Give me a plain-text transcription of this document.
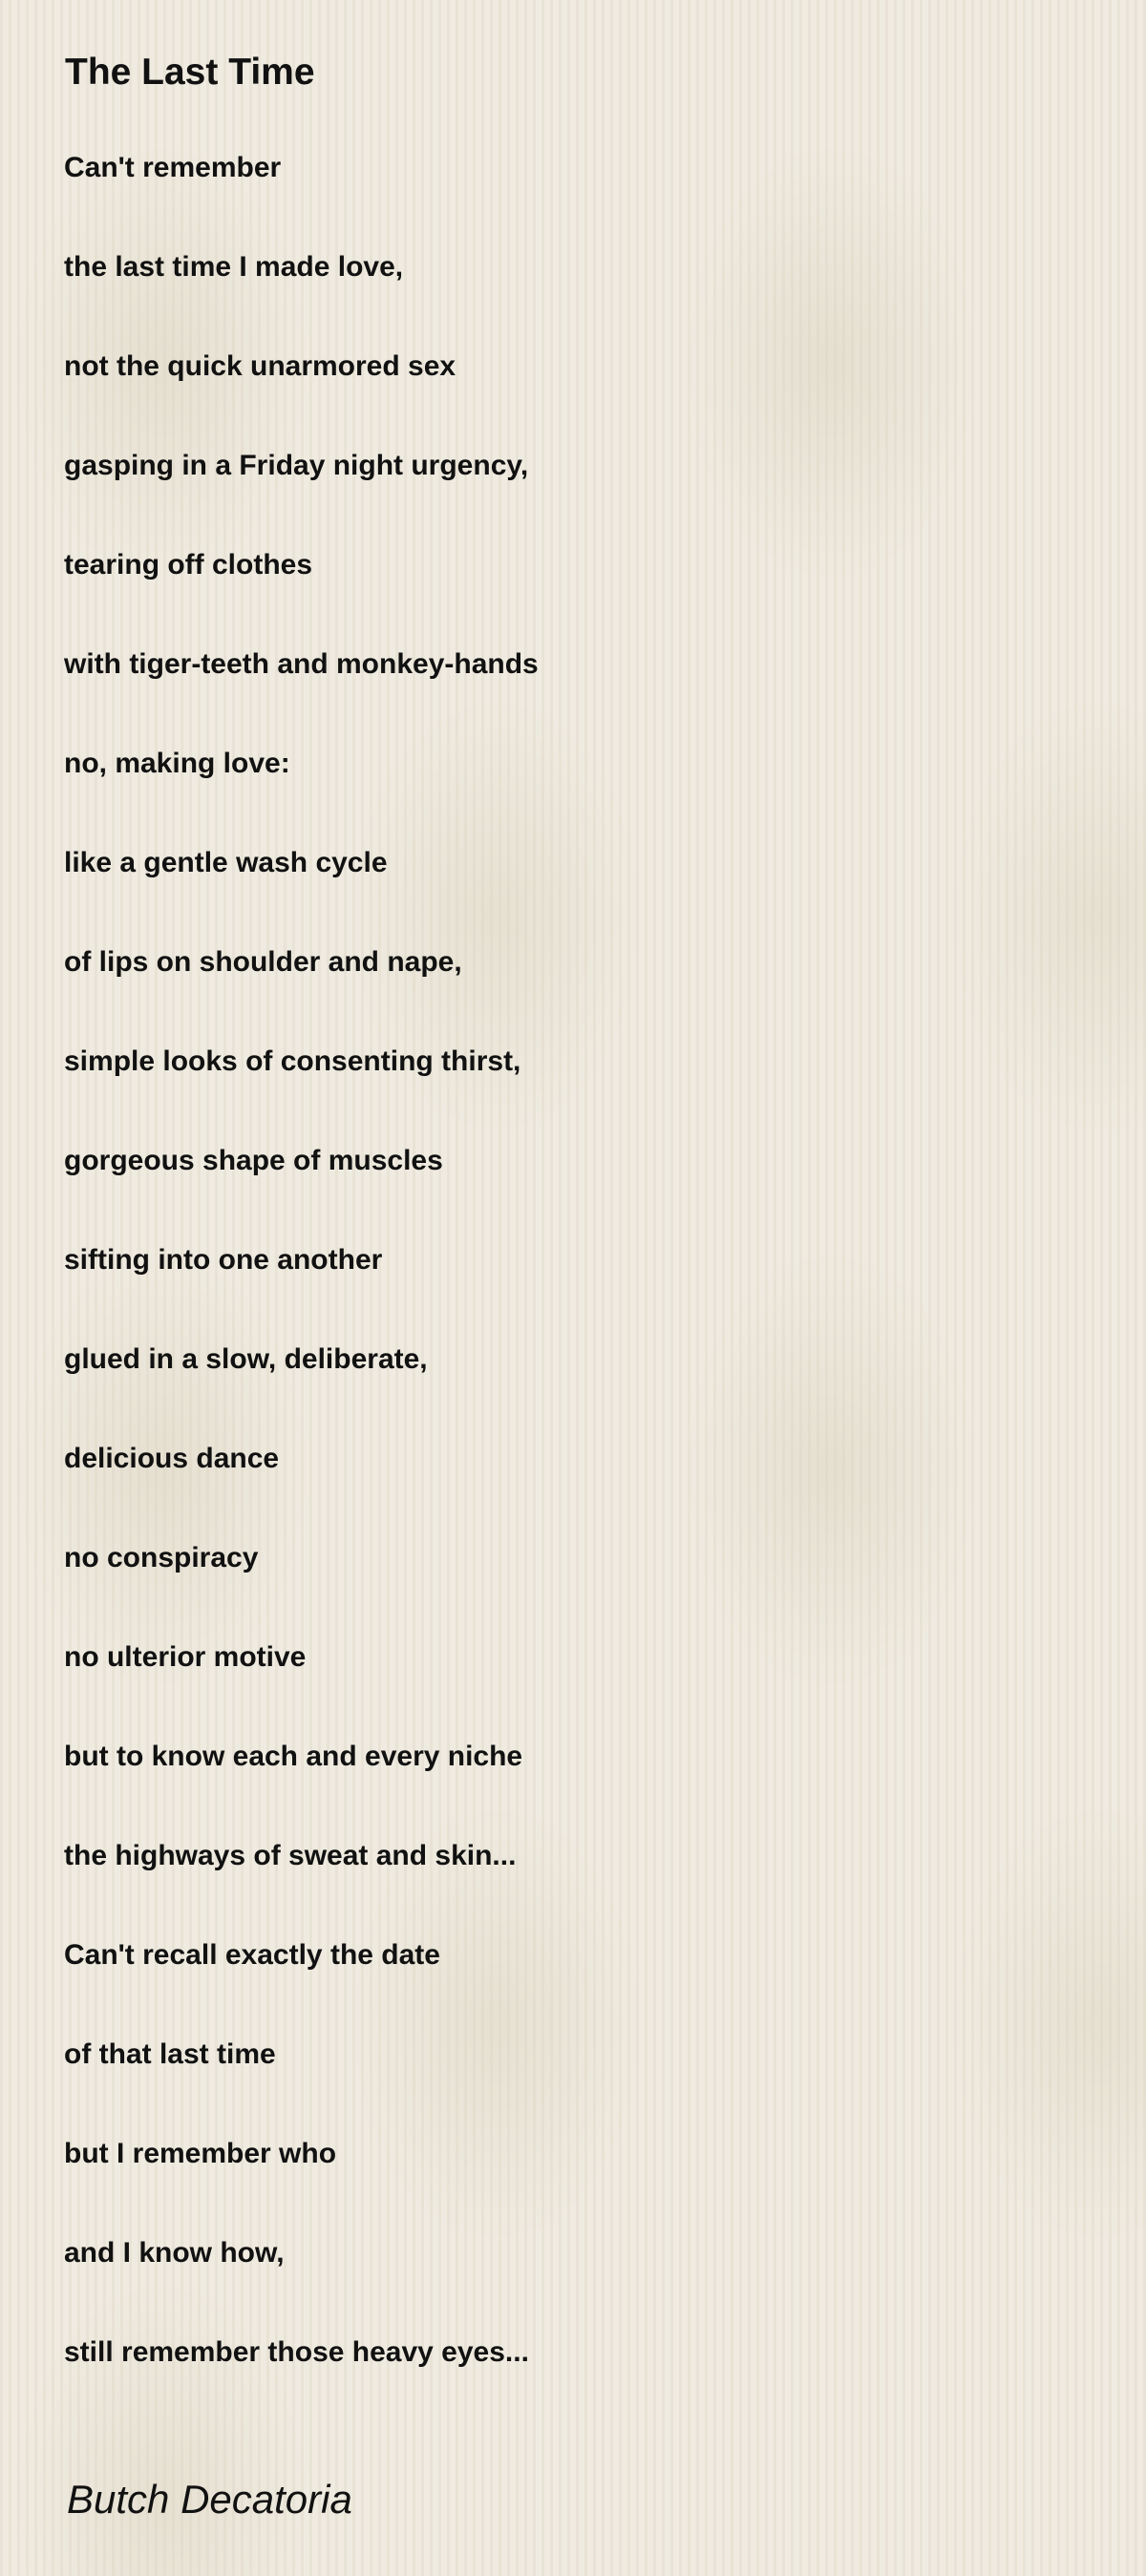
The Last Time
Can't remember
the last time I made love,
not the quick unarmored sex
gasping in a Friday night urgency,
tearing off clothes
with tiger-teeth and monkey-hands
no, making love:
like a gentle wash cycle
of lips on shoulder and nape,
simple looks of consenting thirst,
gorgeous shape of muscles
sifting into one another
glued in a slow, deliberate,
delicious dance
no conspiracy
no ulterior motive
but to know each and every niche
the highways of sweat and skin...
Can't recall exactly the date
of that last time
but I remember who
and I know how,
still remember those heavy eyes...

Butch Decatoria
